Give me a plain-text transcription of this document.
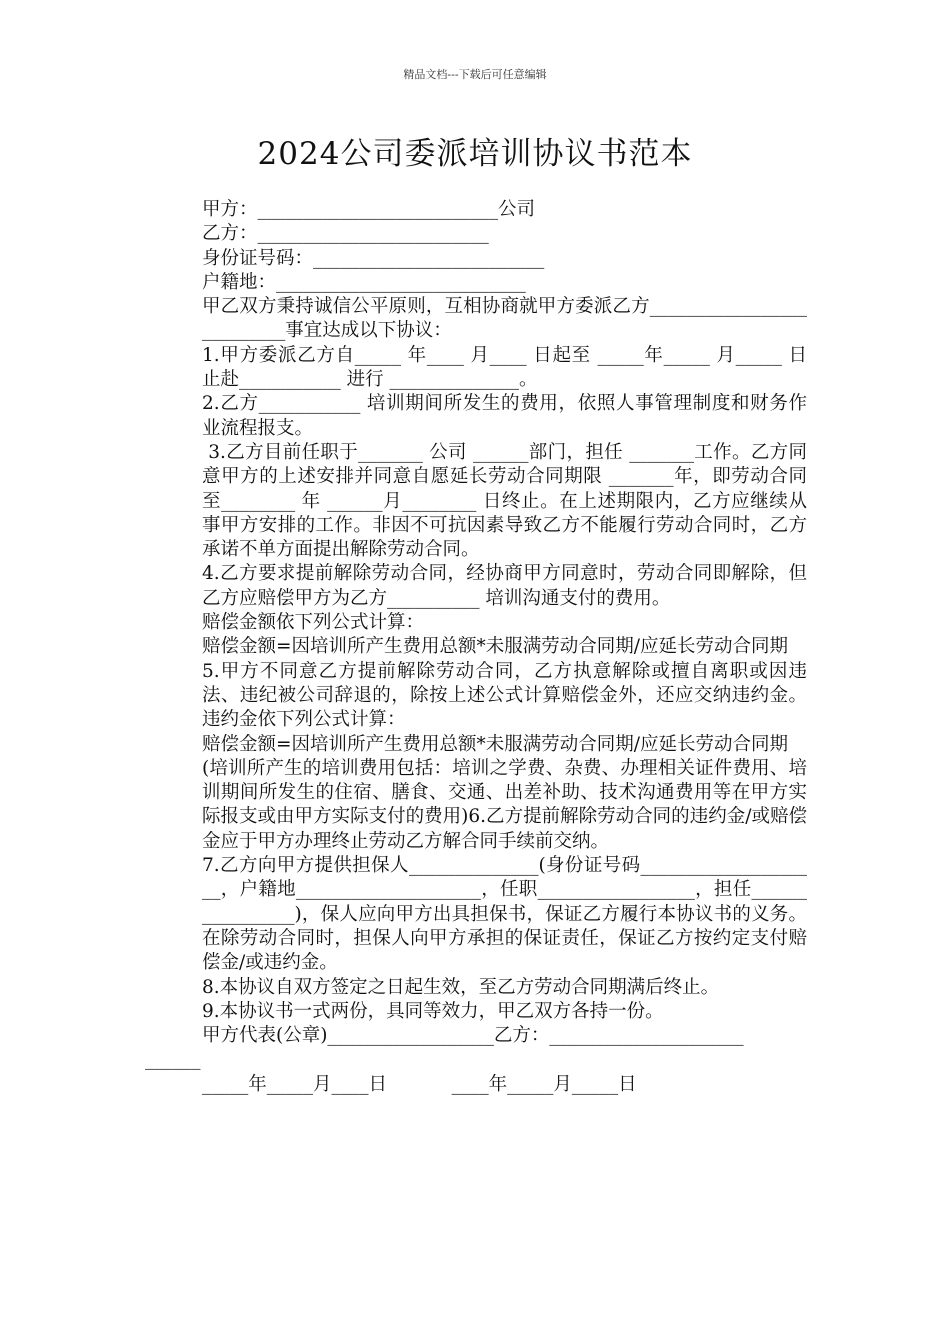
精品文档---下载后可任意编辑
2024公司委派培训协议书范本

甲方：__________________________公司

乙方：_________________________

身份证号码：_________________________

户籍地：___________________________

甲乙双方秉持诚信公平原则，互相协商就甲方委派乙方__________________________事宜达成以下协议：

1.甲方委派乙方自_____ 年____ 月____ 日起至 _____年_____ 月_____ 日 止赴___________ 进行 ______________。

2.乙方___________ 培训期间所发生的费用，依照人事管理制度和财务作业流程报支。

3.乙方目前任职于_______ 公司 ______部门，担任 _______工作。乙方同意甲方的上述安排并同意自愿延长劳动合同期限 _______年，即劳动合同至________ 年 ______月________ 日终止。在上述期限内，乙方应继续从事甲方安排的工作。非因不可抗因素导致乙方不能履行劳动合同时，乙方承诺不单方面提出解除劳动合同。

4.乙方要求提前解除劳动合同，经协商甲方同意时，劳动合同即解除，但乙方应赔偿甲方为乙方__________ 培训沟通支付的费用。

赔偿金额依下列公式计算：

赔偿金额=因培训所产生费用总额*未服满劳动合同期/应延长劳动合同期

5.甲方不同意乙方提前解除劳动合同，乙方执意解除或擅自离职或因违法、违纪被公司辞退的，除按上述公式计算赔偿金外，还应交纳违约金。违约金依下列公式计算：

赔偿金额=因培训所产生费用总额*未服满劳动合同期/应延长劳动合同期

(培训所产生的培训费用包括：培训之学费、杂费、办理相关证件费用、培训期间所发生的住宿、膳食、交通、出差补助、技术沟通费用等在甲方实际报支或由甲方实际支付的费用)6.乙方提前解除劳动合同的违约金/或赔偿金应于甲方办理终止劳动乙方解合同手续前交纳。

7.乙方向甲方提供担保人______________(身份证号码____________________，户籍地____________________，任职_________________，担任________________)，保人应向甲方出具担保书，保证乙方履行本协议书的义务。在除劳动合同时，担保人向甲方承担的保证责任，保证乙方按约定支付赔偿金/或违约金。

8.本协议自双方签定之日起生效，至乙方劳动合同期满后终止。

9.本协议书一式两份，具同等效力，甲乙双方各持一份。

甲方代表(公章)__________________乙方：_____________________

______

_____年_____月____日           ____年_____月_____日
